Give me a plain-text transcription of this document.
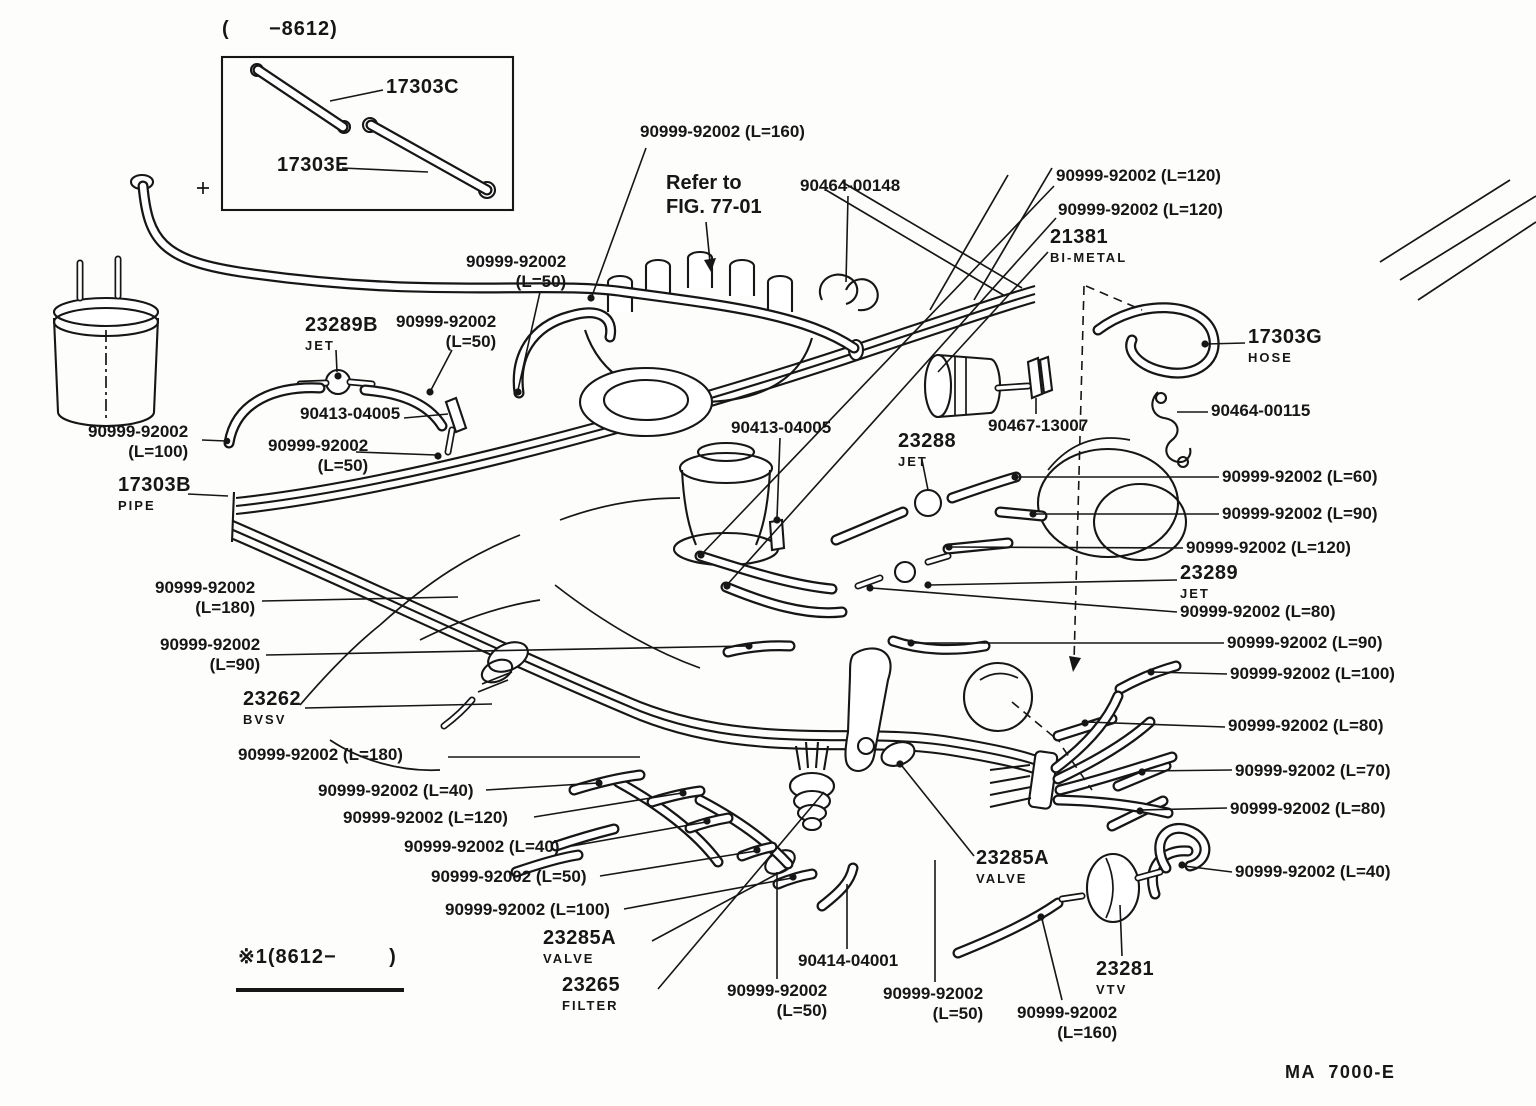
(      −8612)
17303C
17303E
90999-92002 (L=160)
Refer to
FIG. 77-01
90464-00148
90999-92002 (L=120)
90999-92002 (L=120)
21381
BI-METAL
17303G
HOSE
90999-92002
(L=50)
23289B
JET
90999-92002
(L=50)
90413-04005
90999-92002
(L=100)	90999-92002
(L=50)
17303B
PIPE
90413-04005
23288
JET
90467-13007
90464-00115
90999-92002 (L=60)
90999-92002 (L=90)
90999-92002 (L=120)
23289
JET
90999-92002 (L=80)
90999-92002 (L=90)
90999-92002 (L=100)
90999-92002 (L=80)
90999-92002 (L=70)
90999-92002 (L=80)
90999-92002 (L=40)
90999-92002
(L=180)
90999-92002
(L=90)
23262
BVSV
90999-92002 (L=180)
90999-92002 (L=40)
90999-92002 (L=120)
90999-92002 (L=40)
90999-92002 (L=50)
90999-92002 (L=100)
23285A
VALVE
23265
FILTER
90414-04001
90999-92002
(L=50)
90999-92002
(L=50) 90999-92002
(L=160)
23285A
VALVE
23281
VTV
※1(8612−        )
MA  7000-E
